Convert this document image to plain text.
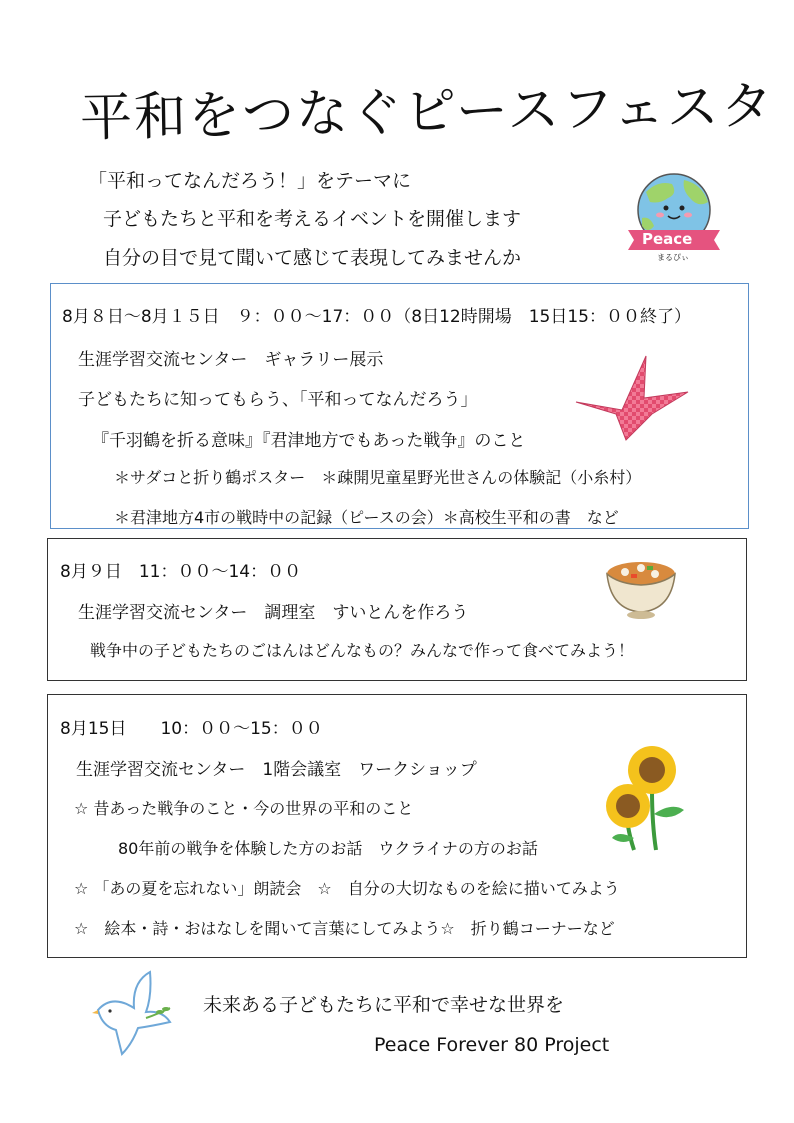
平和をつなぐピースフェスタ
「平和ってなんだろう！」をテーマに
子どもたちと平和を考えるイベントを開催します
自分の目で見て聞いて感じて表現してみませんか
Peace
まるぴぃ
8月８日～8月１５日　９：００～17：００（8日12時開場　15日15：００終了）
生涯学習交流センター　ギャラリー展示
子どもたちに知ってもらう、「平和ってなんだろう」
『千羽鶴を折る意味』『君津地方でもあった戦争』のこと
＊サダコと折り鶴ポスター　＊疎開児童星野光世さんの体験記（小糸村）
＊君津地方4市の戦時中の記録（ピースの会）＊高校生平和の書　など
8月９日　11：００～14：００
生涯学習交流センター　調理室　すいとんを作ろう
戦争中の子どもたちのごはんはどんなもの？みんなで作って食べてみよう！
8月15日　　10：００～15：００
生涯学習交流センター　1階会議室　ワークショップ
☆ 昔あった戦争のこと・今の世界の平和のこと
80年前の戦争を体験した方のお話　ウクライナの方のお話
☆ 「あの夏を忘れない」朗読会　☆　自分の大切なものを絵に描いてみよう
☆　絵本・詩・おはなしを聞いて言葉にしてみよう☆　折り鶴コーナーなど
未来ある子どもたちに平和で幸せな世界を
Peace Forever 80 Project
